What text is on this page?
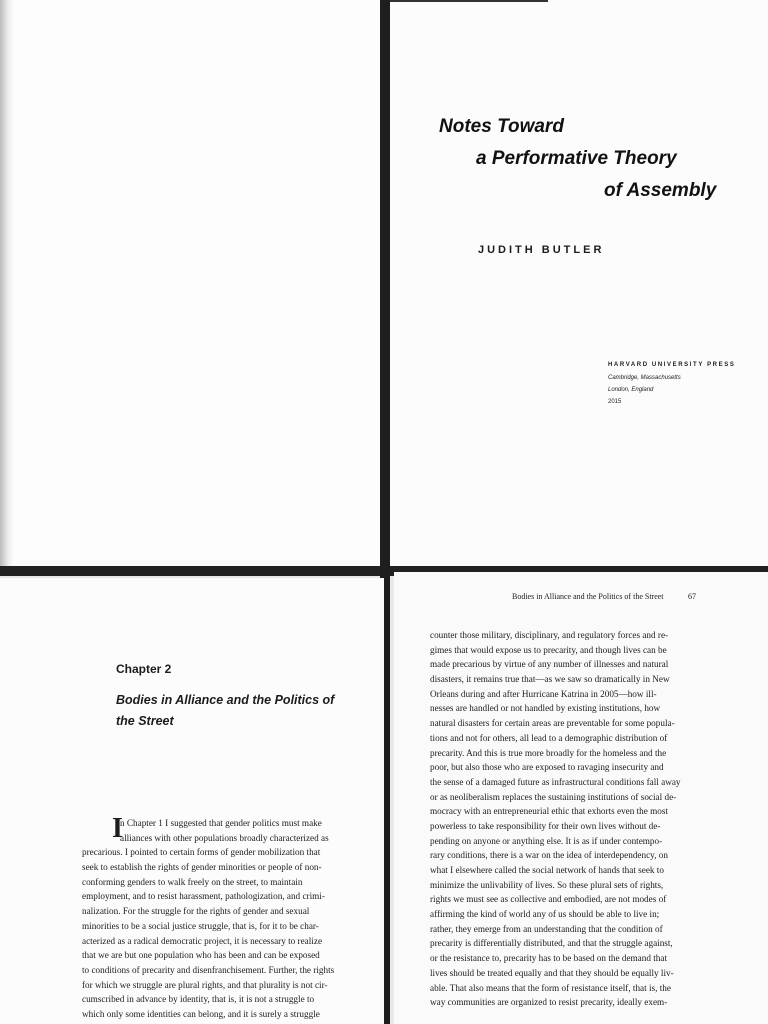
Notes Toward
a Performative Theory
of Assembly
JUDITH BUTLER
HARVARD UNIVERSITY PRESS
Cambridge, Massachusetts
London, England
2015
Chapter 2
Bodies in Alliance and the Politics of the Street
I
n Chapter 1 I suggested that gender politics must make
alliances with other populations broadly characterized as
precarious. I pointed to certain forms of gender mobilization that
seek to establish the rights of gender minorities or people of non-
conforming genders to walk freely on the street, to maintain
employment, and to resist harassment, pathologization, and crimi-
nalization. For the struggle for the rights of gender and sexual
minorities to be a social justice struggle, that is, for it to be char-
acterized as a radical democratic project, it is necessary to realize
that we are but one population who has been and can be exposed
to conditions of precarity and disenfranchisement. Further, the rights
for which we struggle are plural rights, and that plurality is not cir-
cumscribed in advance by identity, that is, it is not a struggle to
which only some identities can belong, and it is surely a struggle
Bodies in Alliance and the Politics of the Street	67
counter those military, disciplinary, and regulatory forces and re-
gimes that would expose us to precarity, and though lives can be
made precarious by virtue of any number of illnesses and natural
disasters, it remains true that—as we saw so dramatically in New
Orleans during and after Hurricane Katrina in 2005—how ill-
nesses are handled or not handled by existing institutions, how
natural disasters for certain areas are preventable for some popula-
tions and not for others, all lead to a demographic distribution of
precarity. And this is true more broadly for the homeless and the
poor, but also those who are exposed to ravaging insecurity and
the sense of a damaged future as infrastructural conditions fall away
or as neoliberalism replaces the sustaining institutions of social de-
mocracy with an entrepreneurial ethic that exhorts even the most
powerless to take responsibility for their own lives without de-
pending on anyone or anything else. It is as if under contempo-
rary conditions, there is a war on the idea of interdependency, on
what I elsewhere called the social network of hands that seek to
minimize the unlivability of lives. So these plural sets of rights,
rights we must see as collective and embodied, are not modes of
affirming the kind of world any of us should be able to live in;
rather, they emerge from an understanding that the condition of
precarity is differentially distributed, and that the struggle against,
or the resistance to, precarity has to be based on the demand that
lives should be treated equally and that they should be equally liv-
able. That also means that the form of resistance itself, that is, the
way communities are organized to resist precarity, ideally exem-
